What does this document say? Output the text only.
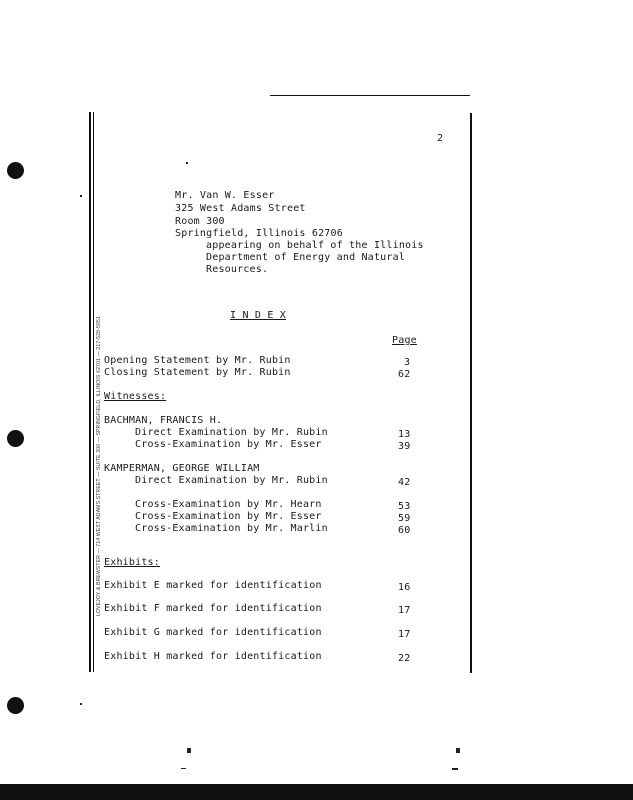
LOVEJOY & BREWSTER — 714 WEST ADAMS STREET — SUITE 300 — SPRINGFIELD, ILLINOIS 62701 — 217-528-5951
2
Mr. Van W. Esser
325 West Adams Street
Room 300
Springfield, Illinois 62706
appearing on behalf of the Illinois
Department of Energy and Natural
Resources.
I N D E X
Page
Opening Statement by Mr. Rubin	3
Closing Statement by Mr. Rubin	62
Witnesses:
BACHMAN, FRANCIS H.
Direct Examination by Mr. Rubin	13
Cross-Examination by Mr. Esser	39
KAMPERMAN, GEORGE WILLIAM
Direct Examination by Mr. Rubin	42
Cross-Examination by Mr. Hearn	53
Cross-Examination by Mr. Esser	59
Cross-Examination by Mr. Marlin	60
Exhibits:
Exhibit E marked for identification	16
Exhibit F marked for identification	17
Exhibit G marked for identification	17
Exhibit H marked for identification	22
